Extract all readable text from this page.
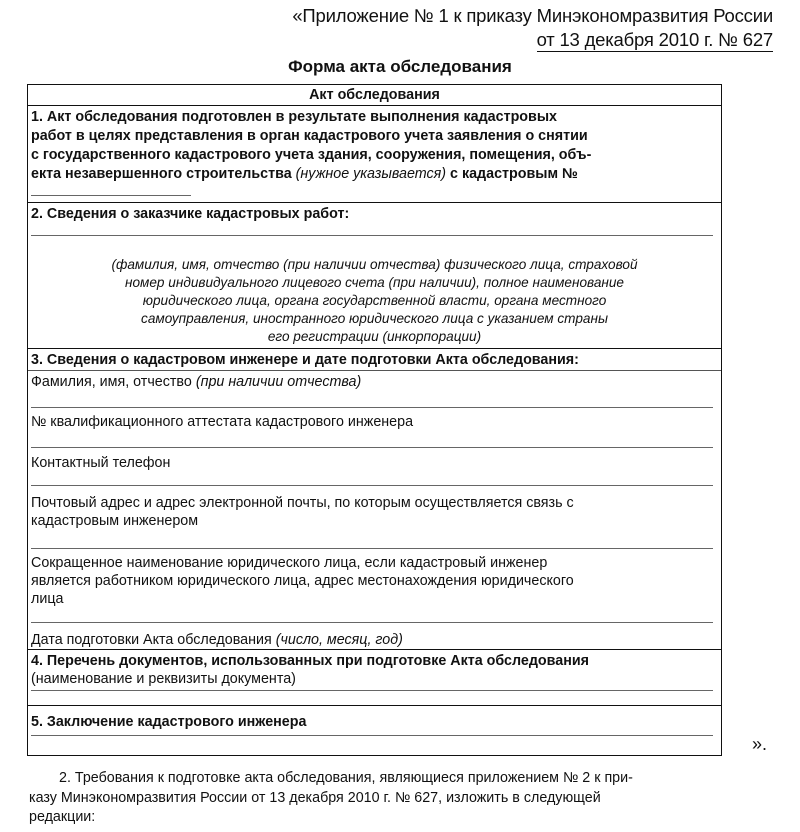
«Приложение № 1 к приказу Минэкономразвития России
от 13 декабря 2010 г. № 627
Форма акта обследования
Акт обследования
1. Акт обследования подготовлен в результате выполнения кадастровых
работ в целях представления в орган кадастрового учета заявления о снятии
с государственного кадастрового учета здания, сооружения, помещения, объ-
екта незавершенного строительства (нужное указывается) с кадастровым №
2. Сведения о заказчике кадастровых работ:
(фамилия, имя, отчество (при наличии отчества) физического лица, страховой
номер индивидуального лицевого счета (при наличии), полное наименование
юридического лица, органа государственной власти, органа местного
самоуправления, иностранного юридического лица с указанием страны
его регистрации (инкорпорации)
3. Сведения о кадастровом инженере и дате подготовки Акта обследования:
Фамилия, имя, отчество (при наличии отчества)
№ квалификационного аттестата кадастрового инженера
Контактный телефон
Почтовый адрес и адрес электронной почты, по которым осуществляется связь с
кадастровым инженером
Сокращенное наименование юридического лица, если кадастровый инженер
является работником юридического лица, адрес местонахождения юридического
лица
Дата подготовки Акта обследования (число, месяц, год)
4. Перечень документов, использованных при подготовке Акта обследования
(наименование и реквизиты документа)
5. Заключение кадастрового инженера
».
2. Требования к подготовке акта обследования, являющиеся приложением № 2 к при-
казу Минэкономразвития России от 13 декабря 2010 г. № 627, изложить в следующей
редакции:
